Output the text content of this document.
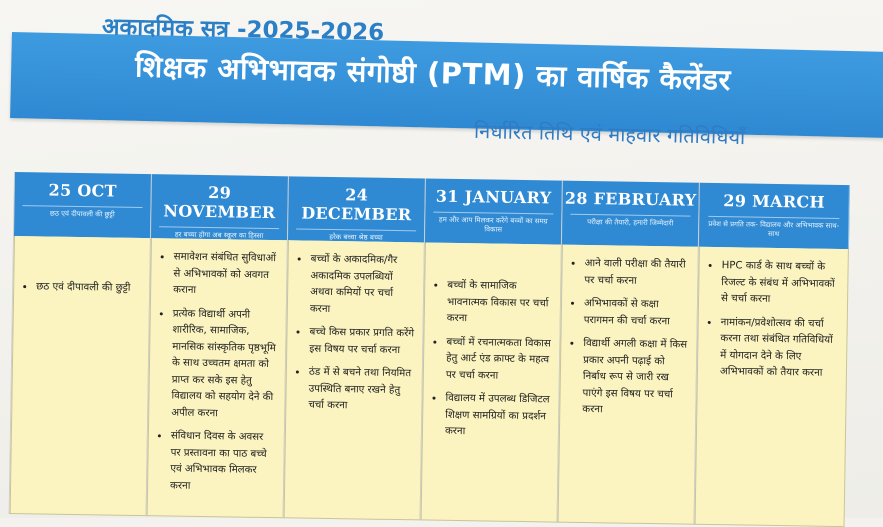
अकादमिक सत्र -2025-2026
शिक्षक अभिभावक संगोष्ठी (PTM) का वार्षिक कैलेंडर
निर्धारित तिथि एवं माहवार गतिविधियाँ
25 OCT
छठ एवं दीपावली की छुट्टी
• छठ एवं दीपावली की छुट्टी
29 NOVEMBER
हर बच्चा होगा अब स्कूल का हिस्सा
• समावेशन संबंधित सुविधाओं से अभिभावकों को अवगत कराना
• प्रत्येक विद्यार्थी अपनी शारीरिक, सामाजिक, मानसिक सांस्कृतिक पृष्ठभूमि के साथ उच्चतम क्षमता को प्राप्त कर सके इस हेतु विद्यालय को सहयोग देने की अपील करना
• संविधान दिवस के अवसर पर प्रस्तावना का पाठ बच्चे एवं अभिभावक मिलकर करना
24 DECEMBER
हरेक बच्चा श्रेष्ठ बच्चा
• बच्चों के अकादमिक/गैर अकादमिक उपलब्धियों अथवा कमियों पर चर्चा करना
• बच्चे किस प्रकार प्रगति करेंगे इस विषय पर चर्चा करना
• ठंड में से बचने तथा नियमित उपस्थिति बनाए रखने हेतु चर्चा करना
31 JANUARY
हम और आप मिलकर करेंगे बच्चों का समग्र विकास
• बच्चों के सामाजिक भावनात्मक विकास पर चर्चा करना
• बच्चों में रचनात्मकता विकास हेतु आर्ट एंड क्राफ्ट के महत्व पर चर्चा करना
• विद्यालय में उपलब्ध डिजिटल शिक्षण सामग्रियों का प्रदर्शन करना
28 FEBRUARY
परीक्षा की तैयारी, हमारी जिम्मेदारी
• आने वाली परीक्षा की तैयारी पर चर्चा करना
• अभिभावकों से कक्षा परागमन की चर्चा करना
• विद्यार्थी अगली कक्षा में किस प्रकार अपनी पढ़ाई को निर्बाध रूप से जारी रख पाएंगे इस विषय पर चर्चा करना
29 MARCH
प्रवेश से प्रगति तक- विद्यालय और अभिभावक साथ-साथ
• HPC कार्ड के साथ बच्चों के रिजल्ट के संबंध में अभिभावकों से चर्चा करना
• नामांकन/प्रवेशोत्सव की चर्चा करना तथा संबंधित गतिविधियों में योगदान देने के लिए अभिभावकों को तैयार करना
